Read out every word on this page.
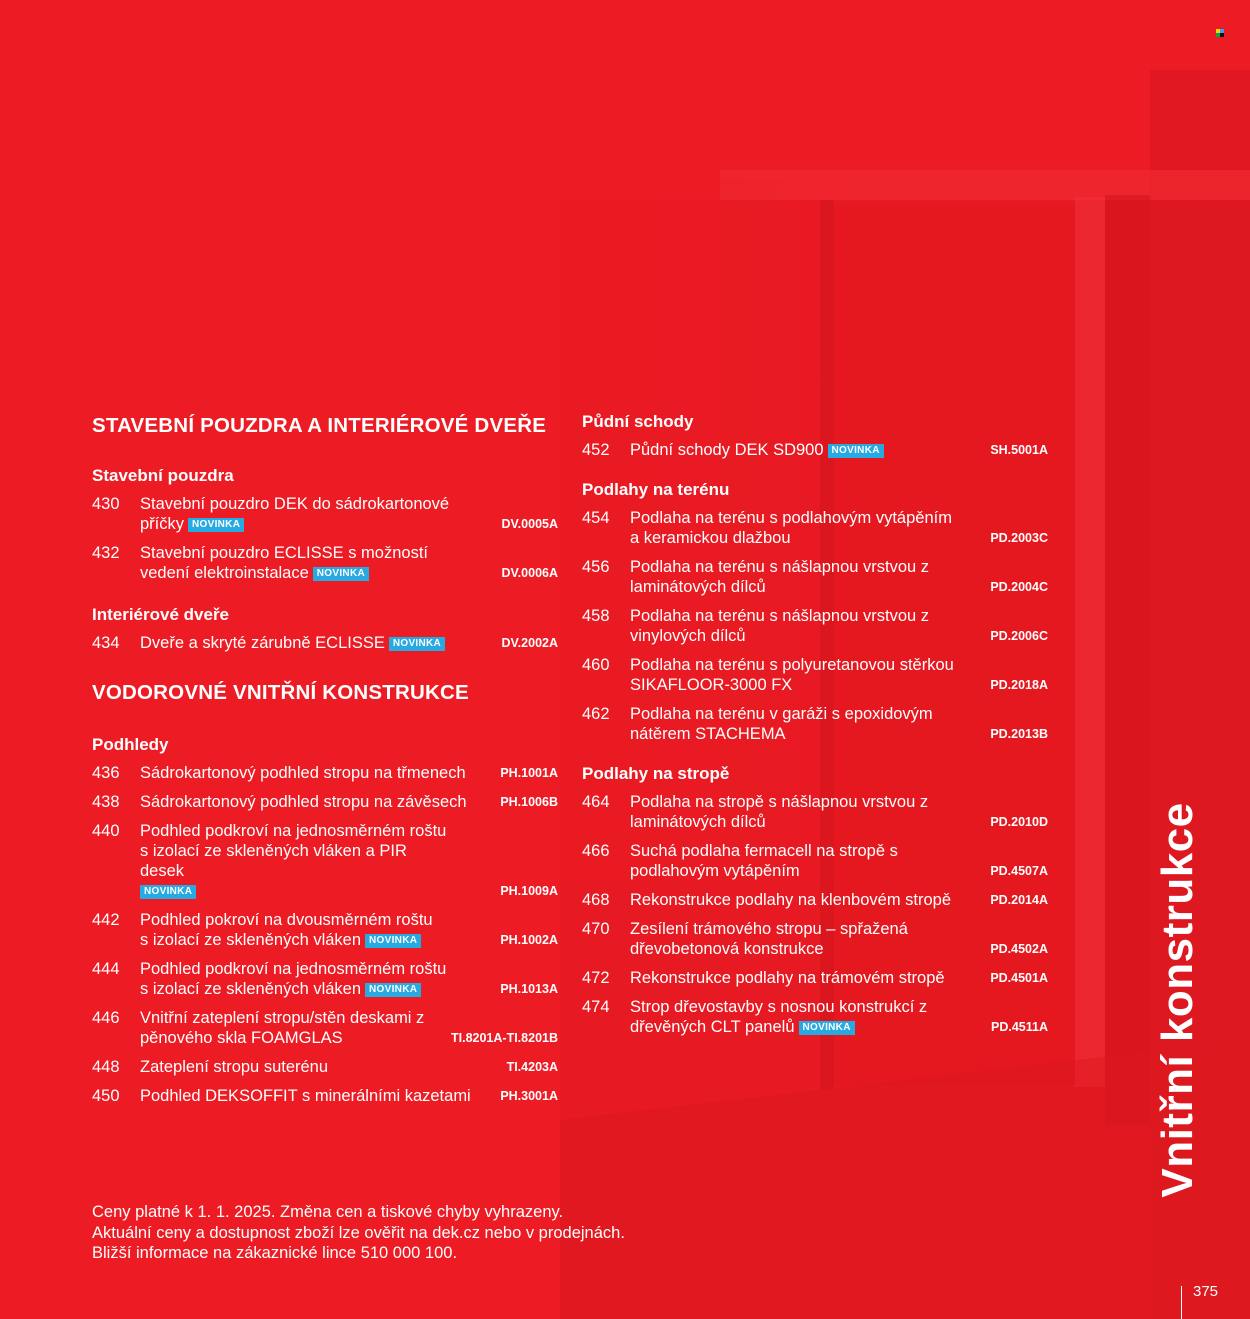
STAVEBNÍ POUZDRA A INTERIÉROVÉ DVEŘE
Stavební pouzdra
430 Stavební pouzdro DEK do sádrokartonové příčky NOVINKA	DV.0005A
432 Stavební pouzdro ECLISSE s možností vedení elektroinstalace NOVINKA	DV.0006A
Interiérové dveře
434 Dveře a skryté zárubně ECLISSE NOVINKA	DV.2002A
VODOROVNÉ VNITŘNÍ KONSTRUKCE
Podhledy
436 Sádrokartonový podhled stropu na třmenech	PH.1001A
438 Sádrokartonový podhled stropu na závěsech	PH.1006B
440 Podhled podkroví na jednosměrném roštu s izolací ze skleněných vláken a PIR desek
NOVINKA	PH.1009A
442 Podhled pokroví na dvousměrném roštu s izolací ze skleněných vláken NOVINKA	PH.1002A
444 Podhled podkroví na jednosměrném roštu s izolací ze skleněných vláken NOVINKA	PH.1013A
446 Vnitřní zateplení stropu/stěn deskami z pěnového skla FOAMGLAS	TI.8201A-TI.8201B
448 Zateplení stropu suterénu	TI.4203A
450 Podhled DEKSOFFIT s minerálními kazetami	PH.3001A
Půdní schody
452 Půdní schody DEK SD900 NOVINKA	SH.5001A
Podlahy na terénu
454 Podlaha na terénu s podlahovým vytápěním a keramickou dlažbou	PD.2003C
456 Podlaha na terénu s nášlapnou vrstvou z laminátových dílců	PD.2004C
458 Podlaha na terénu s nášlapnou vrstvou z vinylových dílců	PD.2006C
460 Podlaha na terénu s polyuretanovou stěrkou SIKAFLOOR-3000 FX	PD.2018A
462 Podlaha na terénu v garáži s epoxidovým nátěrem STACHEMA	PD.2013B
Podlahy na stropě
464 Podlaha na stropě s nášlapnou vrstvou z laminátových dílců	PD.2010D
466 Suchá podlaha fermacell na stropě s podlahovým vytápěním	PD.4507A
468 Rekonstrukce podlahy na klenbovém stropě	PD.2014A
470 Zesílení trámového stropu – spřažená dřevobetonová konstrukce	PD.4502A
472 Rekonstrukce podlahy na trámovém stropě	PD.4501A
474 Strop dřevostavby s nosnou konstrukcí z dřevěných CLT panelů NOVINKA	PD.4511A
Ceny platné k 1. 1. 2025. Změna cen a tiskové chyby vyhrazeny.
Aktuální ceny a dostupnost zboží lze ověřit na dek.cz nebo v prodejnách.
Bližší informace na zákaznické lince 510 000 100.
Vnitřní konstrukce
375
